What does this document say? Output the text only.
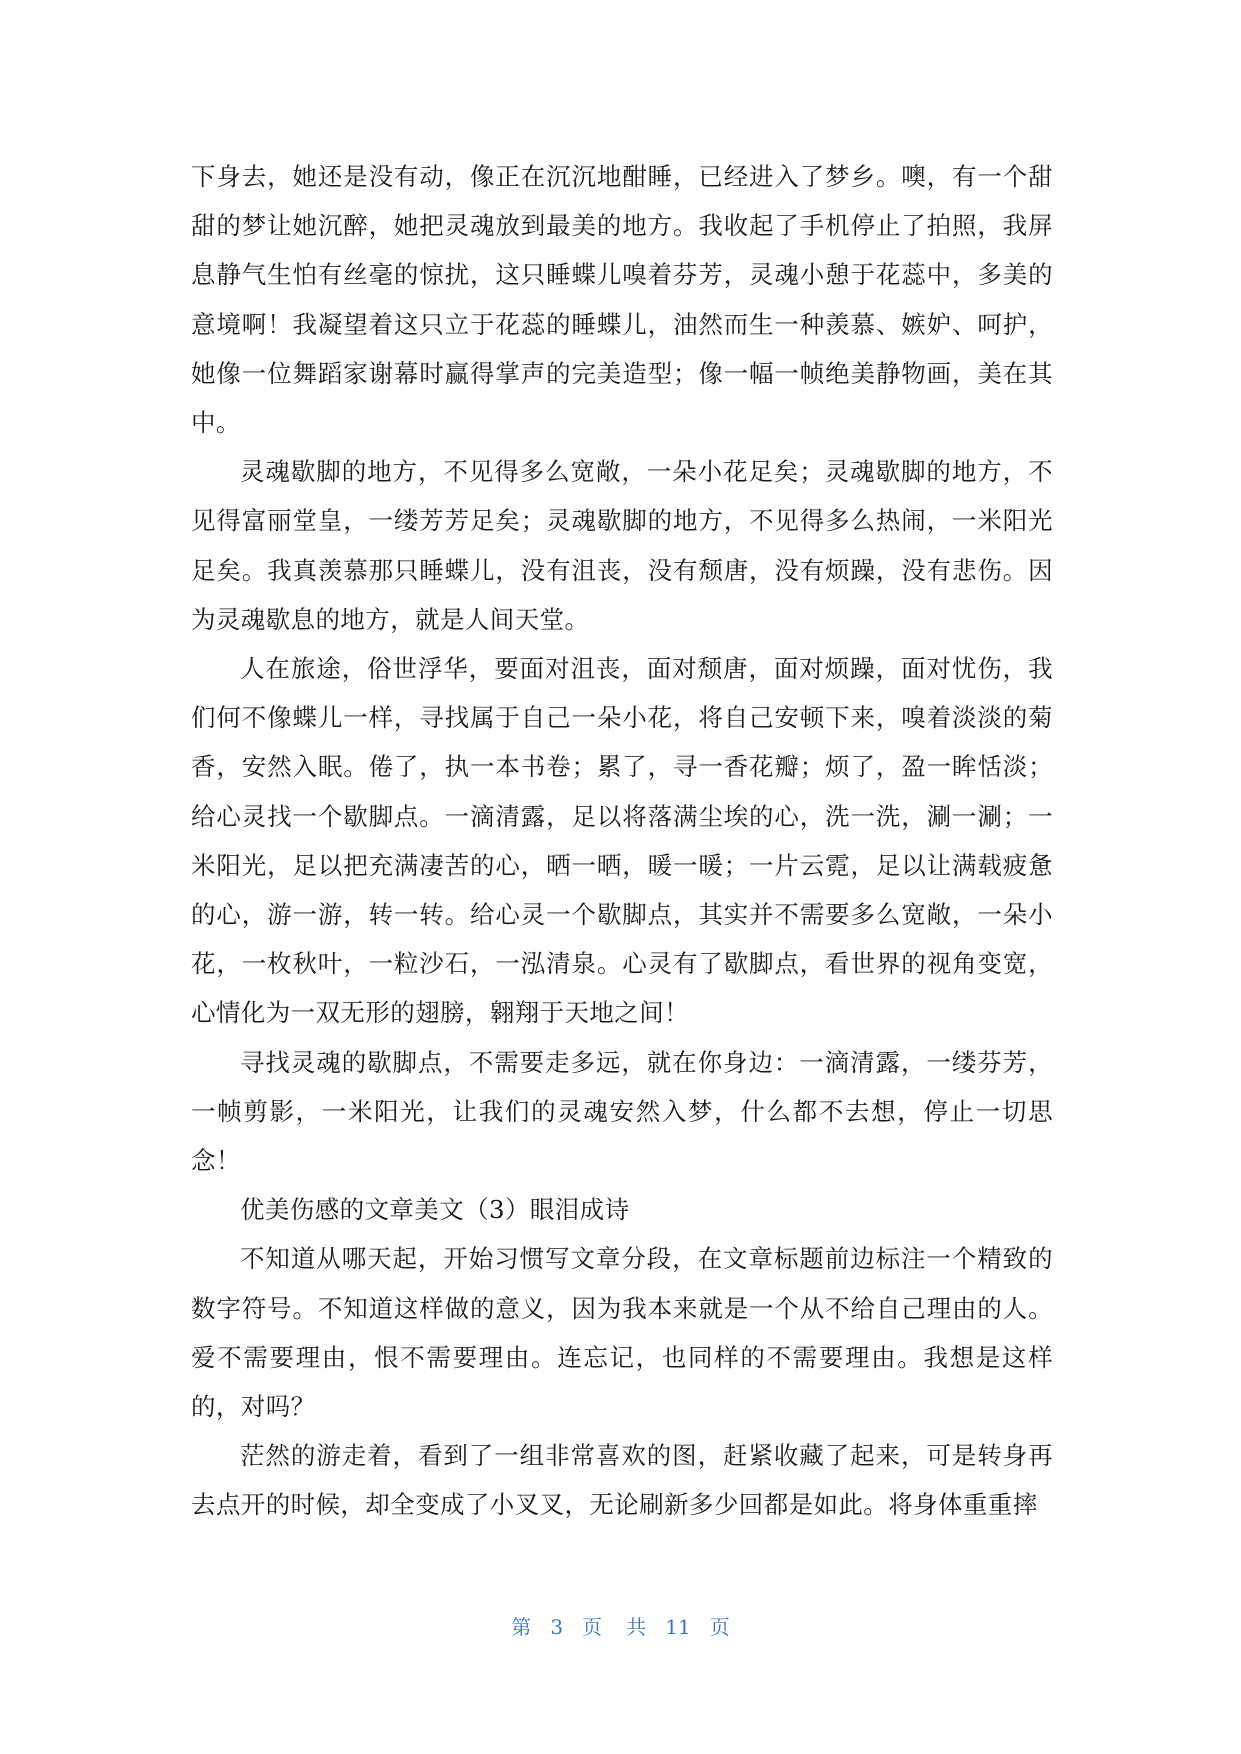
下身去，她还是没有动，像正在沉沉地酣睡，已经进入了梦乡。噢，有一个甜甜的梦让她沉醉，她把灵魂放到最美的地方。我收起了手机停止了拍照，我屏息静气生怕有丝毫的惊扰，这只睡蝶儿嗅着芬芳，灵魂小憩于花蕊中，多美的意境啊！我凝望着这只立于花蕊的睡蝶儿，油然而生一种羡慕、嫉妒、呵护，她像一位舞蹈家谢幕时赢得掌声的完美造型；像一幅一帧绝美静物画，美在其中。

灵魂歇脚的地方，不见得多么宽敞，一朵小花足矣；灵魂歇脚的地方，不见得富丽堂皇，一缕芳芳足矣；灵魂歇脚的地方，不见得多么热闹，一米阳光足矣。我真羡慕那只睡蝶儿，没有沮丧，没有颓唐，没有烦躁，没有悲伤。因为灵魂歇息的地方，就是人间天堂。

人在旅途，俗世浮华，要面对沮丧，面对颓唐，面对烦躁，面对忧伤，我们何不像蝶儿一样，寻找属于自己一朵小花，将自己安顿下来，嗅着淡淡的菊香，安然入眠。倦了，执一本书卷；累了，寻一香花瓣；烦了，盈一眸恬淡；给心灵找一个歇脚点。一滴清露，足以将落满尘埃的心，洗一洗，涮一涮；一米阳光，足以把充满凄苦的心，晒一晒，暖一暖；一片云霓，足以让满载疲惫的心，游一游，转一转。给心灵一个歇脚点，其实并不需要多么宽敞，一朵小花，一枚秋叶，一粒沙石，一泓清泉。心灵有了歇脚点，看世界的视角变宽，心情化为一双无形的翅膀，翱翔于天地之间！

寻找灵魂的歇脚点，不需要走多远，就在你身边：一滴清露，一缕芬芳，一帧剪影，一米阳光，让我们的灵魂安然入梦，什么都不去想，停止一切思念！

优美伤感的文章美文（3）眼泪成诗

不知道从哪天起，开始习惯写文章分段，在文章标题前边标注一个精致的数字符号。不知道这样做的意义，因为我本来就是一个从不给自己理由的人。爱不需要理由，恨不需要理由。连忘记，也同样的不需要理由。我想是这样的，对吗？

茫然的游走着，看到了一组非常喜欢的图，赶紧收藏了起来，可是转身再去点开的时候，却全变成了小叉叉，无论刷新多少回都是如此。将身体重重摔

第 3 页共   11 页
